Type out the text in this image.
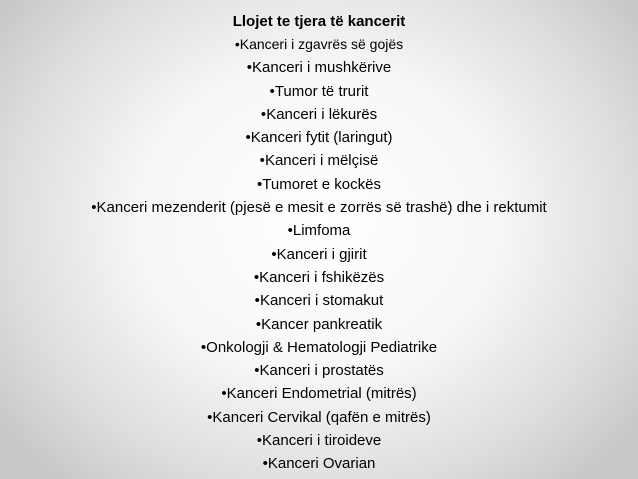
Llojet te tjera të kancerit
•Kanceri i zgavrës së gojës
•Kanceri i mushkërive
•Tumor të trurit
•Kanceri i lëkurës
•Kanceri fytit (laringut)
•Kanceri i mëlçisë
•Tumoret e kockës
•Kanceri mezenderit (pjesë e mesit e zorrës së trashë) dhe i rektumit
•Limfoma
•Kanceri i gjirit
•Kanceri i fshikëzës
•Kanceri i stomakut
•Kancer pankreatik
•Onkologji & Hematologji Pediatrike
•Kanceri i prostatës
•Kanceri Endometrial (mitrës)
•Kanceri Cervikal (qafën e mitrës)
•Kanceri i tiroideve
•Kanceri Ovarian
